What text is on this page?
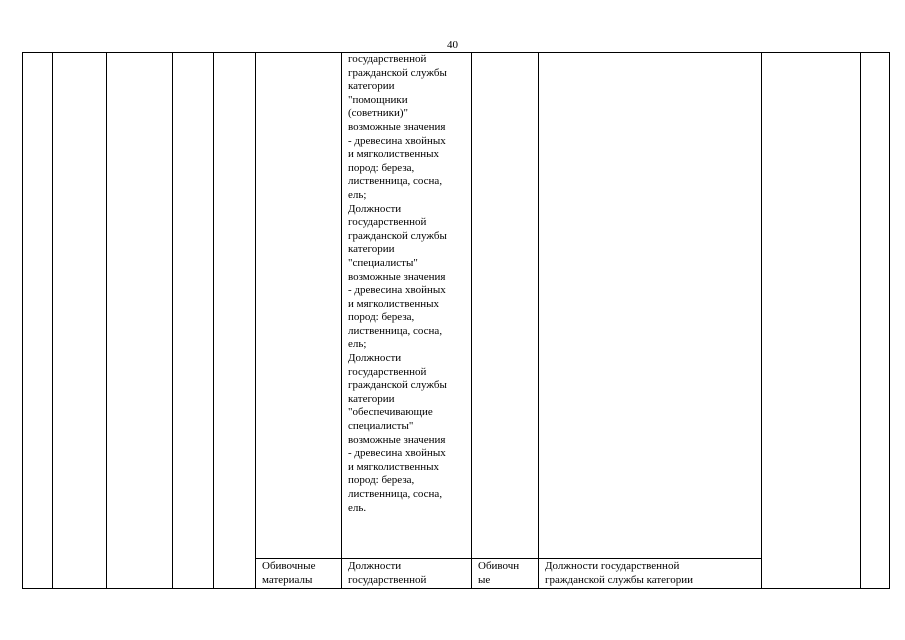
40
государственной
гражданской службы
категории
"помощники
(советники)"
возможные значения
- древесина хвойных
и мягколиственных
пород: береза,
лиственница, сосна,
ель;
Должности
государственной
гражданской службы
категории
"специалисты"
возможные значения
- древесина хвойных
и мягколиственных
пород: береза,
лиственница, сосна,
ель;
Должности
государственной
гражданской службы
категории
"обеспечивающие
специалисты"
возможные значения
- древесина хвойных
и мягколиственных
пород: береза,
лиственница, сосна,
ель.
Обивочные
материалы
Должности
государственной
Обивочн
ые
Должности государственной
гражданской службы категории
